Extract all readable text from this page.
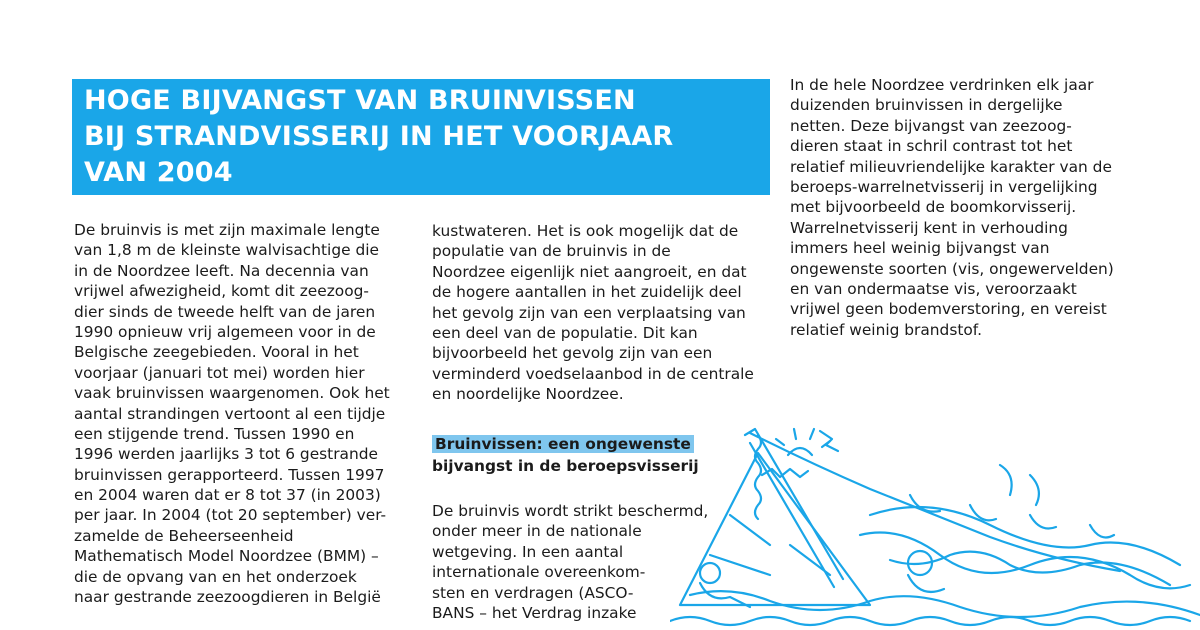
HOGE BIJVANGST VAN BRUINVISSEN
BIJ STRANDVISSERIJ IN HET VOORJAAR
VAN 2004
De bruinvis is met zijn maximale lengte
van 1,8 m de kleinste walvisachtige die
in de Noordzee leeft. Na decennia van
vrijwel afwezigheid, komt dit zeezoog-
dier sinds de tweede helft van de jaren
1990 opnieuw vrij algemeen voor in de
Belgische zeegebieden. Vooral in het
voorjaar (januari tot mei) worden hier
vaak bruinvissen waargenomen. Ook het
aantal strandingen vertoont al een tijdje
een stijgende trend. Tussen 1990 en
1996 werden jaarlijks 3 tot 6 gestrande
bruinvissen gerapporteerd. Tussen 1997
en 2004 waren dat er 8 tot 37 (in 2003)
per jaar. In 2004 (tot 20 september) ver-
zamelde de Beheerseenheid
Mathematisch Model Noordzee (BMM) –
die de opvang van en het onderzoek
naar gestrande zeezoogdieren in België
kustwateren. Het is ook mogelijk dat de
populatie van de bruinvis in de
Noordzee eigenlijk niet aangroeit, en dat
de hogere aantallen in het zuidelijk deel
het gevolg zijn van een verplaatsing van
een deel van de populatie. Dit kan
bijvoorbeeld het gevolg zijn van een
verminderd voedselaanbod in de centrale
en noordelijke Noordzee.
Bruinvissen: een ongewenste
bijvangst in de beroepsvisserij
De bruinvis wordt strikt beschermd,
onder meer in de nationale
wetgeving. In een aantal
internationale overeenkom-
sten en verdragen (ASCO-
BANS – het Verdrag inzake
In de hele Noordzee verdrinken elk jaar
duizenden bruinvissen in dergelijke
netten. Deze bijvangst van zeezoog-
dieren staat in schril contrast tot het
relatief milieuvriendelijke karakter van de
beroeps-warrelnetvisserij in vergelijking
met bijvoorbeeld de boomkorvisserij.
Warrelnetvisserij kent in verhouding
immers heel weinig bijvangst van
ongewenste soorten (vis, ongewervelden)
en van ondermaatse vis, veroorzaakt
vrijwel geen bodemverstoring, en vereist
relatief weinig brandstof.
